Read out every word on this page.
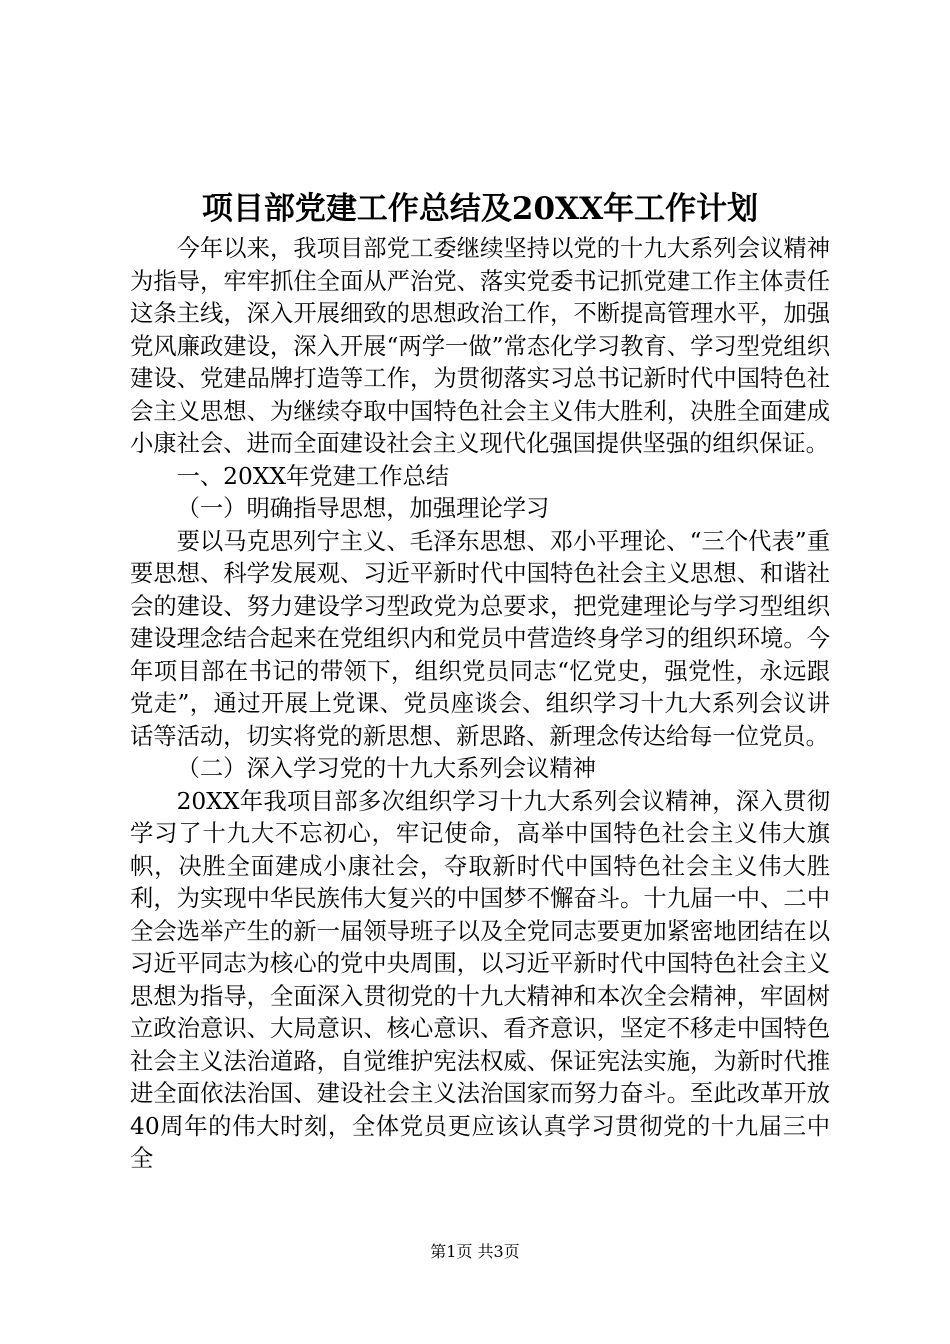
项目部党建工作总结及20XX年工作计划

今年以来，我项目部党工委继续坚持以党的十九大系列会议精神为指导，牢牢抓住全面从严治党、落实党委书记抓党建工作主体责任这条主线，深入开展细致的思想政治工作，不断提高管理水平，加强党风廉政建设，深入开展“两学一做”常态化学习教育、学习型党组织建设、党建品牌打造等工作，为贯彻落实习总书记新时代中国特色社会主义思想、为继续夺取中国特色社会主义伟大胜利，决胜全面建成小康社会、进而全面建设社会主义现代化强国提供坚强的组织保证。

一、20XX年党建工作总结

（一）明确指导思想，加强理论学习

要以马克思列宁主义、毛泽东思想、邓小平理论、“三个代表”重要思想、科学发展观、习近平新时代中国特色社会主义思想、和谐社会的建设、努力建设学习型政党为总要求，把党建理论与学习型组织建设理念结合起来在党组织内和党员中营造终身学习的组织环境。今年项目部在书记的带领下，组织党员同志“忆党史，强党性，永远跟党走”，通过开展上党课、党员座谈会、组织学习十九大系列会议讲话等活动，切实将党的新思想、新思路、新理念传达给每一位党员。

（二）深入学习党的十九大系列会议精神

20XX年我项目部多次组织学习十九大系列会议精神，深入贯彻学习了十九大不忘初心，牢记使命，高举中国特色社会主义伟大旗帜，决胜全面建成小康社会，夺取新时代中国特色社会主义伟大胜利，为实现中华民族伟大复兴的中国梦不懈奋斗。十九届一中、二中全会选举产生的新一届领导班子以及全党同志要更加紧密地团结在以习近平同志为核心的党中央周围，以习近平新时代中国特色社会主义思想为指导，全面深入贯彻党的十九大精神和本次全会精神，牢固树立政治意识、大局意识、核心意识、看齐意识，坚定不移走中国特色社会主义法治道路，自觉维护宪法权威、保证宪法实施，为新时代推进全面依法治国、建设社会主义法治国家而努力奋斗。至此改革开放40周年的伟大时刻，全体党员更应该认真学习贯彻党的十九届三中全

第1页 共3页
